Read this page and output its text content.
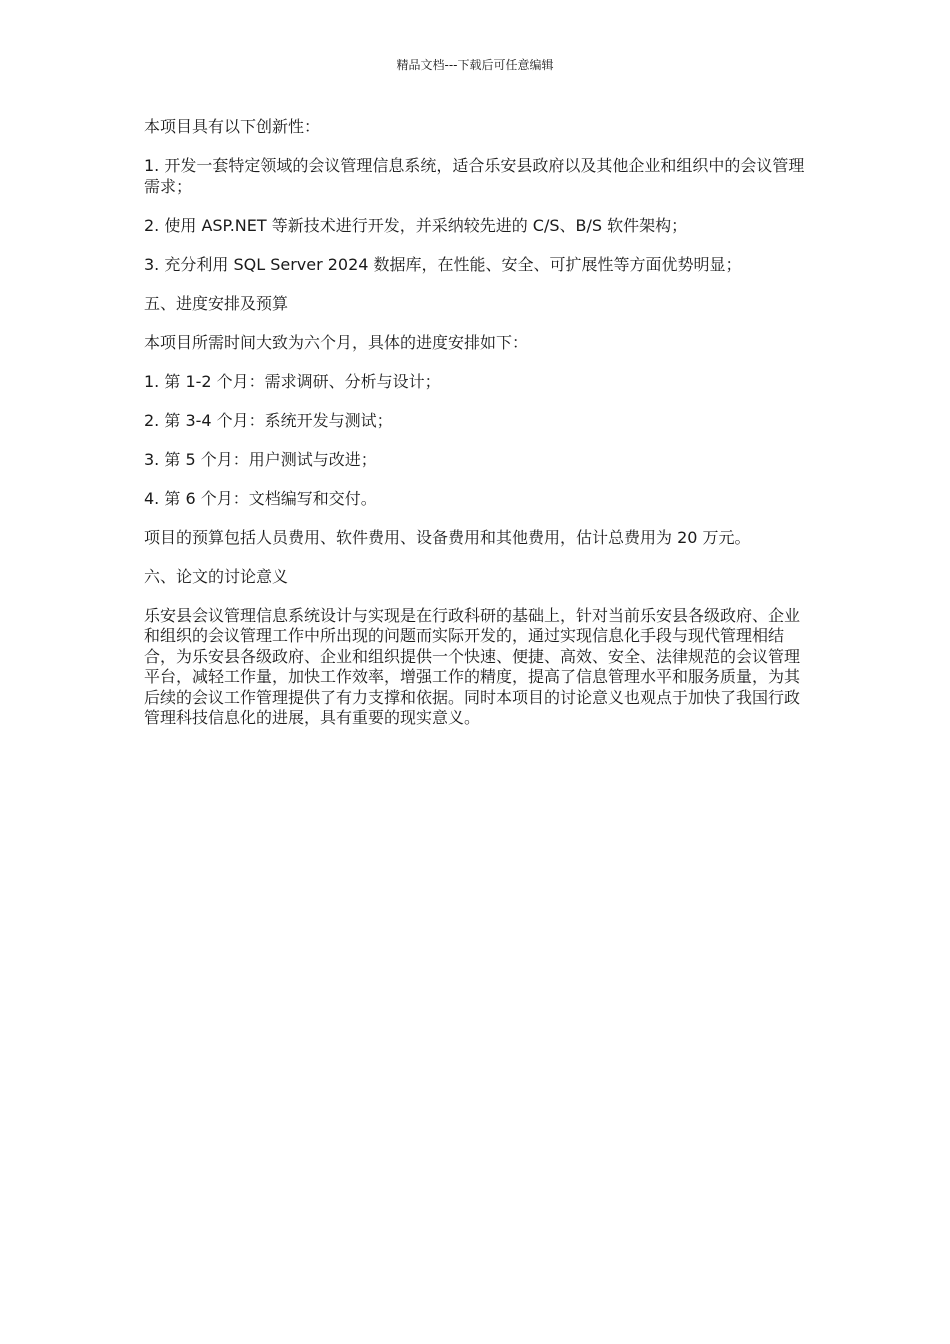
精品文档---下载后可任意编辑

本项目具有以下创新性：

1. 开发一套特定领域的会议管理信息系统，适合乐安县政府以及其他企业和组织中的会议管理需求；

2. 使用 ASP.NET 等新技术进行开发，并采纳较先进的 C/S、B/S 软件架构；

3. 充分利用 SQL Server 2024 数据库，在性能、安全、可扩展性等方面优势明显；

五、进度安排及预算

本项目所需时间大致为六个月，具体的进度安排如下：

1. 第 1-2 个月：需求调研、分析与设计；

2. 第 3-4 个月：系统开发与测试；

3. 第 5 个月：用户测试与改进；

4. 第 6 个月：文档编写和交付。

项目的预算包括人员费用、软件费用、设备费用和其他费用，估计总费用为 20 万元。

六、论文的讨论意义

乐安县会议管理信息系统设计与实现是在行政科研的基础上，针对当前乐安县各级政府、企业和组织的会议管理工作中所出现的问题而实际开发的，通过实现信息化手段与现代管理相结合，为乐安县各级政府、企业和组织提供一个快速、便捷、高效、安全、法律规范的会议管理平台，减轻工作量，加快工作效率，增强工作的精度，提高了信息管理水平和服务质量，为其后续的会议工作管理提供了有力支撑和依据。同时本项目的讨论意义也观点于加快了我国行政管理科技信息化的进展，具有重要的现实意义。
